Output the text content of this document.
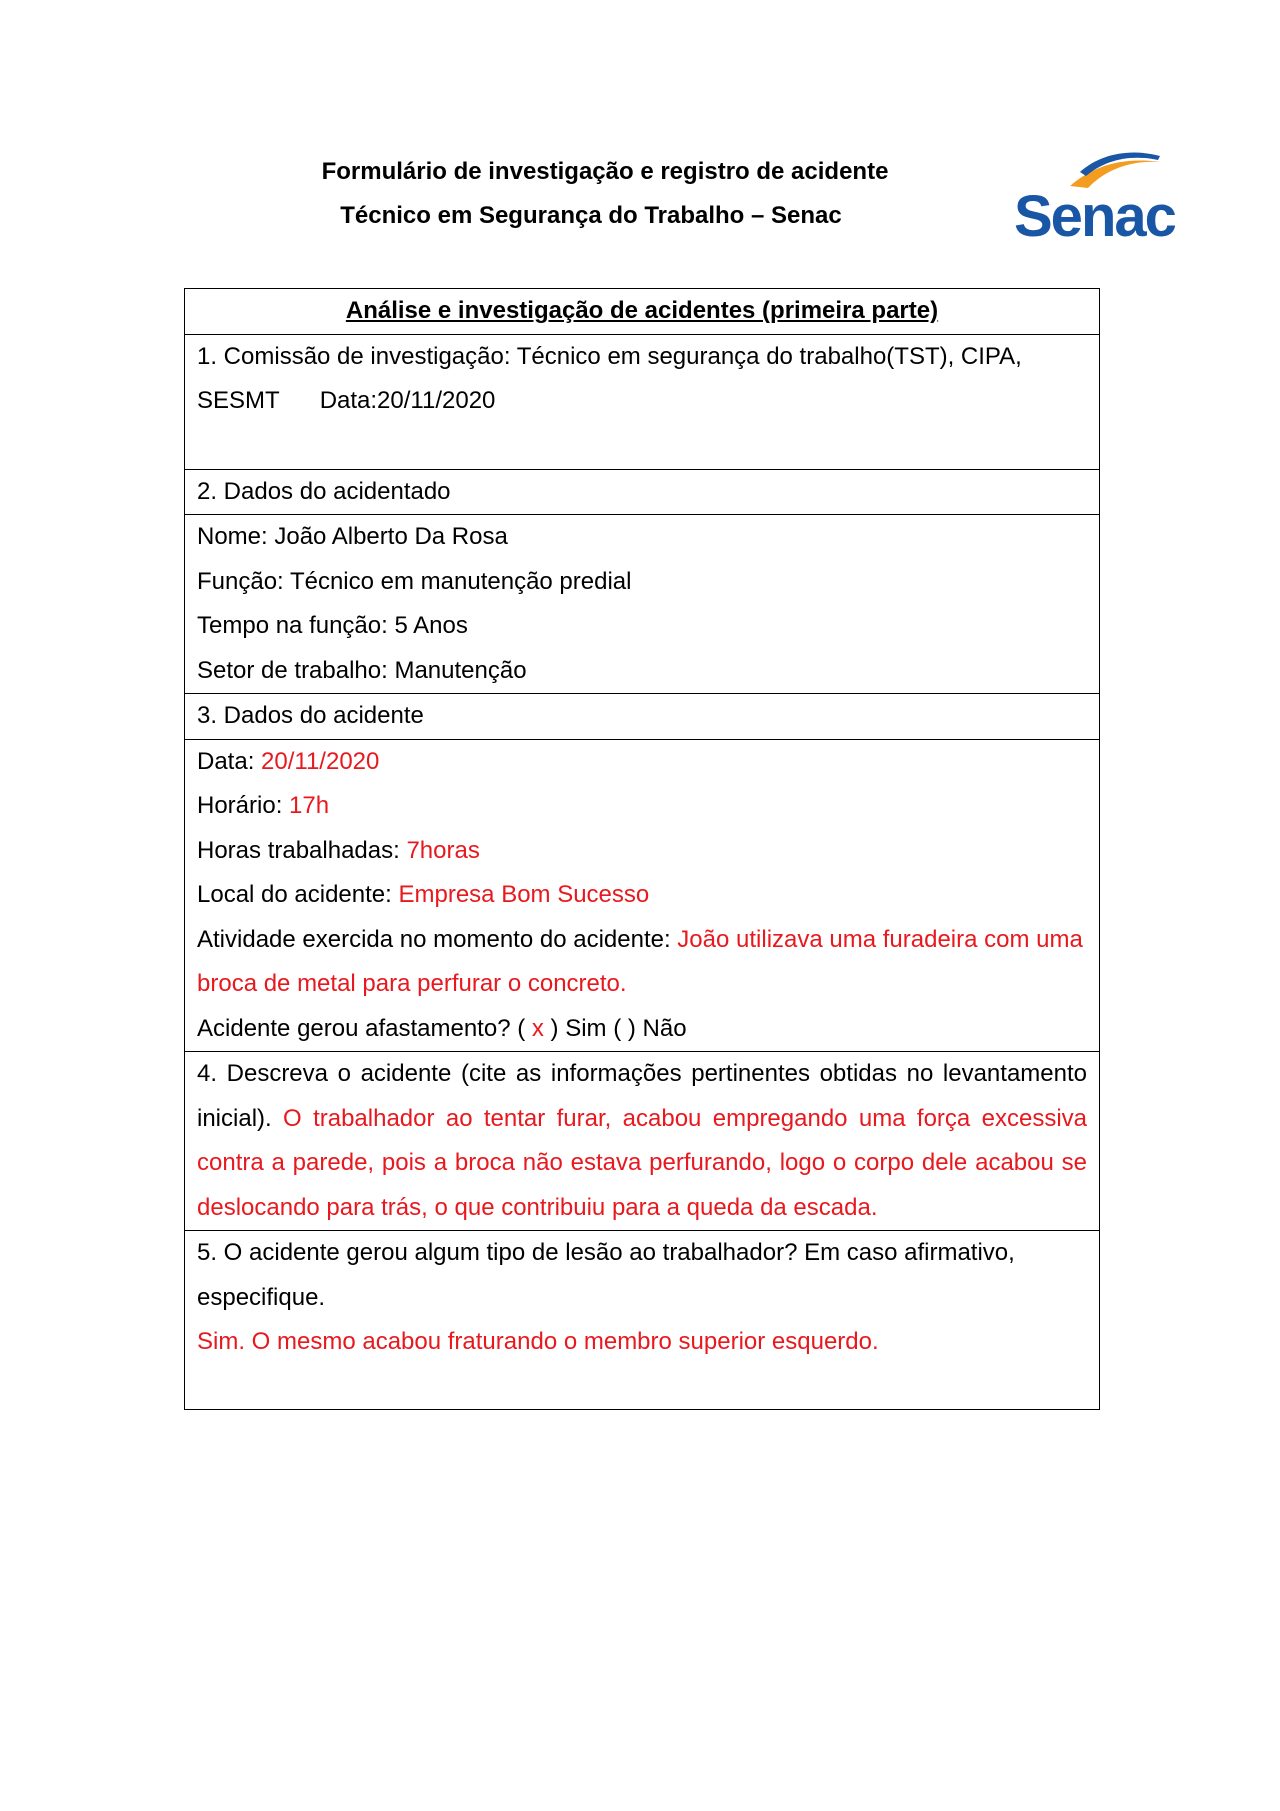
Formulário de investigação e registro de acidente
Técnico em Segurança do Trabalho – Senac	Senac
Análise e investigação de acidentes (primeira parte)
1. Comissão de investigação: Técnico em segurança do trabalho(TST), CIPA, SESMT Data:20/11/2020
2. Dados do acidentado
Nome: João Alberto Da Rosa
Função: Técnico em manutenção predial
Tempo na função: 5 Anos
Setor de trabalho: Manutenção
3. Dados do acidente
Data: 20/11/2020
Horário: 17h
Horas trabalhadas: 7horas
Local do acidente: Empresa Bom Sucesso
Atividade exercida no momento do acidente: João utilizava uma furadeira com uma broca de metal para perfurar o concreto.
Acidente gerou afastamento? ( x ) Sim ( ) Não
4. Descreva o acidente (cite as informações pertinentes obtidas no levantamento inicial). O trabalhador ao tentar furar, acabou empregando uma força excessiva contra a parede, pois a broca não estava perfurando, logo o corpo dele acabou se deslocando para trás, o que contribuiu para a queda da escada.
5. O acidente gerou algum tipo de lesão ao trabalhador? Em caso afirmativo, especifique.
Sim. O mesmo acabou fraturando o membro superior esquerdo.
